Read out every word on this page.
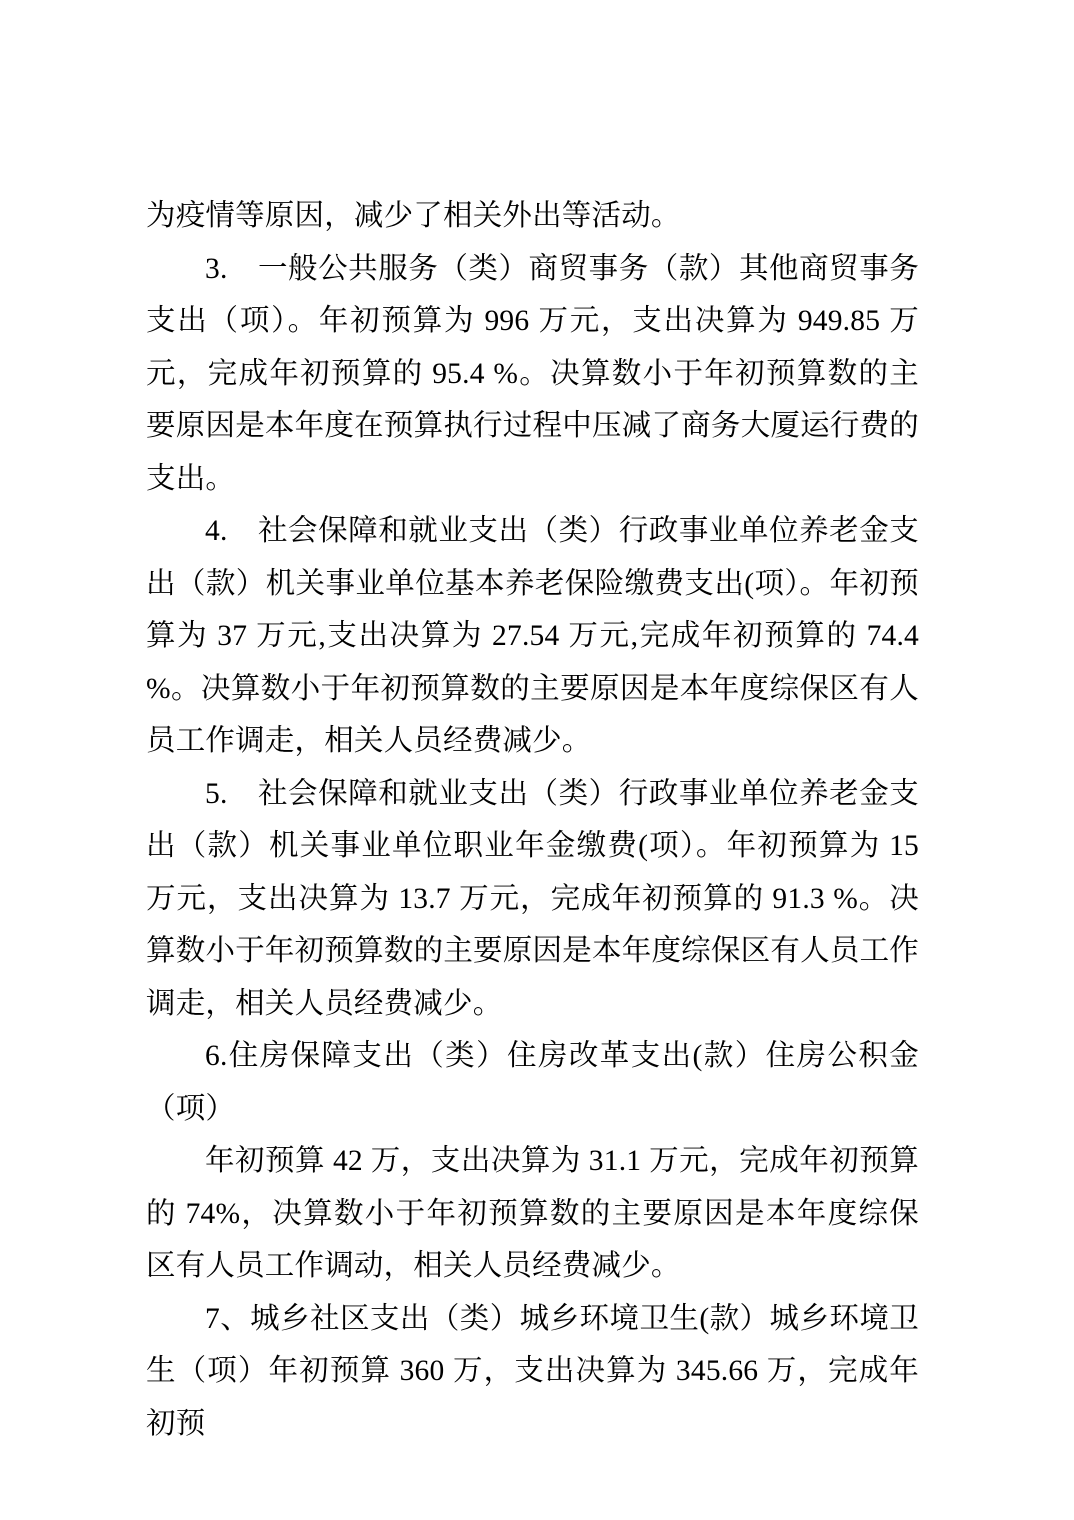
为疫情等原因，减少了相关外出等活动。

3.　一般公共服务（类）商贸事务（款）其他商贸事务支出（项）。年初预算为 996 万元，支出决算为 949.85 万元，完成年初预算的 95.4 %。决算数小于年初预算数的主要原因是本年度在预算执行过程中压减了商务大厦运行费的支出。

4.　社会保障和就业支出（类）行政事业单位养老金支出（款）机关事业单位基本养老保险缴费支出(项）。年初预算为 37 万元,支出决算为 27.54 万元,完成年初预算的 74.4 %。决算数小于年初预算数的主要原因是本年度综保区有人员工作调走，相关人员经费减少。

5.　社会保障和就业支出（类）行政事业单位养老金支出（款）机关事业单位职业年金缴费(项）。年初预算为 15 万元，支出决算为 13.7 万元，完成年初预算的 91.3 %。决算数小于年初预算数的主要原因是本年度综保区有人员工作调走，相关人员经费减少。

6.住房保障支出（类）住房改革支出(款）住房公积金（项）

年初预算 42 万，支出决算为 31.1 万元，完成年初预算的 74%，决算数小于年初预算数的主要原因是本年度综保区有人员工作调动，相关人员经费减少。

7、城乡社区支出（类）城乡环境卫生(款）城乡环境卫生（项）年初预算 360 万，支出决算为 345.66 万，完成年初预
